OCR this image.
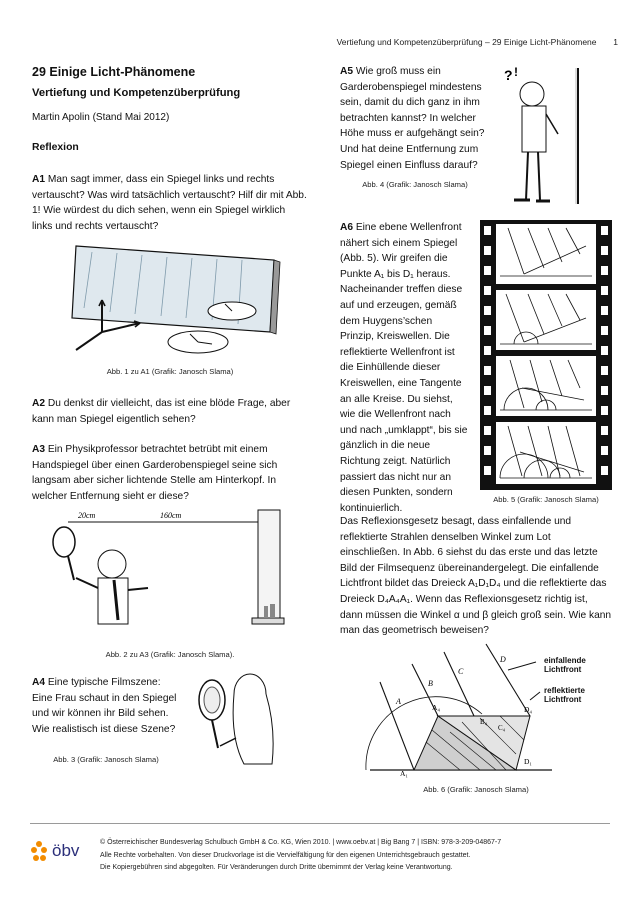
Vertiefung und Kompetenzüberprüfung – 29 Einige Licht-Phänomene 1
29 Einige Licht-Phänomene
Vertiefung und Kompetenzüberprüfung
Martin Apolin (Stand Mai 2012)
Reflexion
A1 Man sagt immer, dass ein Spiegel links und rechts vertauscht? Was wird tatsächlich vertauscht? Hilf dir mit Abb. 1! Wie würdest du dich sehen, wenn ein Spiegel wirklich links und rechts vertauscht?
Abb. 1 zu A1 (Grafik: Janosch Slama)
A2 Du denkst dir vielleicht, das ist eine blöde Frage, aber kann man Spiegel eigentlich sehen?
A3 Ein Physikprofessor betrachtet betrübt mit einem Handspiegel über einen Garderobenspiegel seine sich langsam aber sicher lichtende Stelle am Hinterkopf. In welcher Entfernung sieht er diese?
20cm	160cm
Abb. 2 zu A3 (Grafik: Janosch Slama).
A4 Eine typische Filmszene: Eine Frau schaut in den Spiegel und wir können ihr Bild sehen. Wie realistisch ist diese Szene?
Abb. 3 (Grafik: Janosch Slama)
A5 Wie groß muss ein Garderobenspiegel mindestens sein, damit du dich ganz in ihm betrachten kannst? In welcher Höhe muss er aufgehängt sein? Und hat deine Entfernung zum Spiegel einen Einfluss darauf?
Abb. 4 (Grafik: Janosch Slama)
? !
A6 Eine ebene Wellenfront nähert sich einem Spiegel (Abb. 5). Wir greifen die Punkte A₁ bis D₁ heraus. Nacheinander treffen diese auf und erzeugen, gemäß dem Huygens’schen Prinzip, Kreiswellen. Die reflektierte Wellenfront ist die Einhüllende dieser Kreiswellen, eine Tangente an alle Kreise. Du siehst, wie die Wellenfront nach und nach „umklappt“, bis sie gänzlich in die neue Richtung zeigt. Natürlich passiert das nicht nur an diesen Punkten, sondern kontinuierlich.
Abb. 5 (Grafik: Janosch Slama)
Das Reflexionsgesetz besagt, dass einfallende und reflektierte Strahlen denselben Winkel zum Lot einschließen. In Abb. 6 siehst du das erste und das letzte Bild der Filmsequenz übereinandergelegt. Die einfallende Lichtfront bildet das Dreieck A₁D₁D₄ und die reflektierte das Dreieck D₄A₄A₁. Wenn das Reflexionsgesetz richtig ist, dann müssen die Winkel α und β gleich groß sein. Wie kann man das geometrisch beweisen?
A
B
C
D
A₁
A₄
B₄
C₄
D₄
D₁
einfallende Lichtfront
reflektierte Lichtfront
Abb. 6 (Grafik: Janosch Slama)
öbv	© Österreichischer Bundesverlag Schulbuch GmbH & Co. KG, Wien 2010. | www.oebv.at | Big Bang 7 | ISBN: 978-3-209-04867-7
Alle Rechte vorbehalten. Von dieser Druckvorlage ist die Vervielfältigung für den eigenen Unterrichtsgebrauch gestattet.
Die Kopiergebühren sind abgegolten. Für Veränderungen durch Dritte übernimmt der Verlag keine Verantwortung.
